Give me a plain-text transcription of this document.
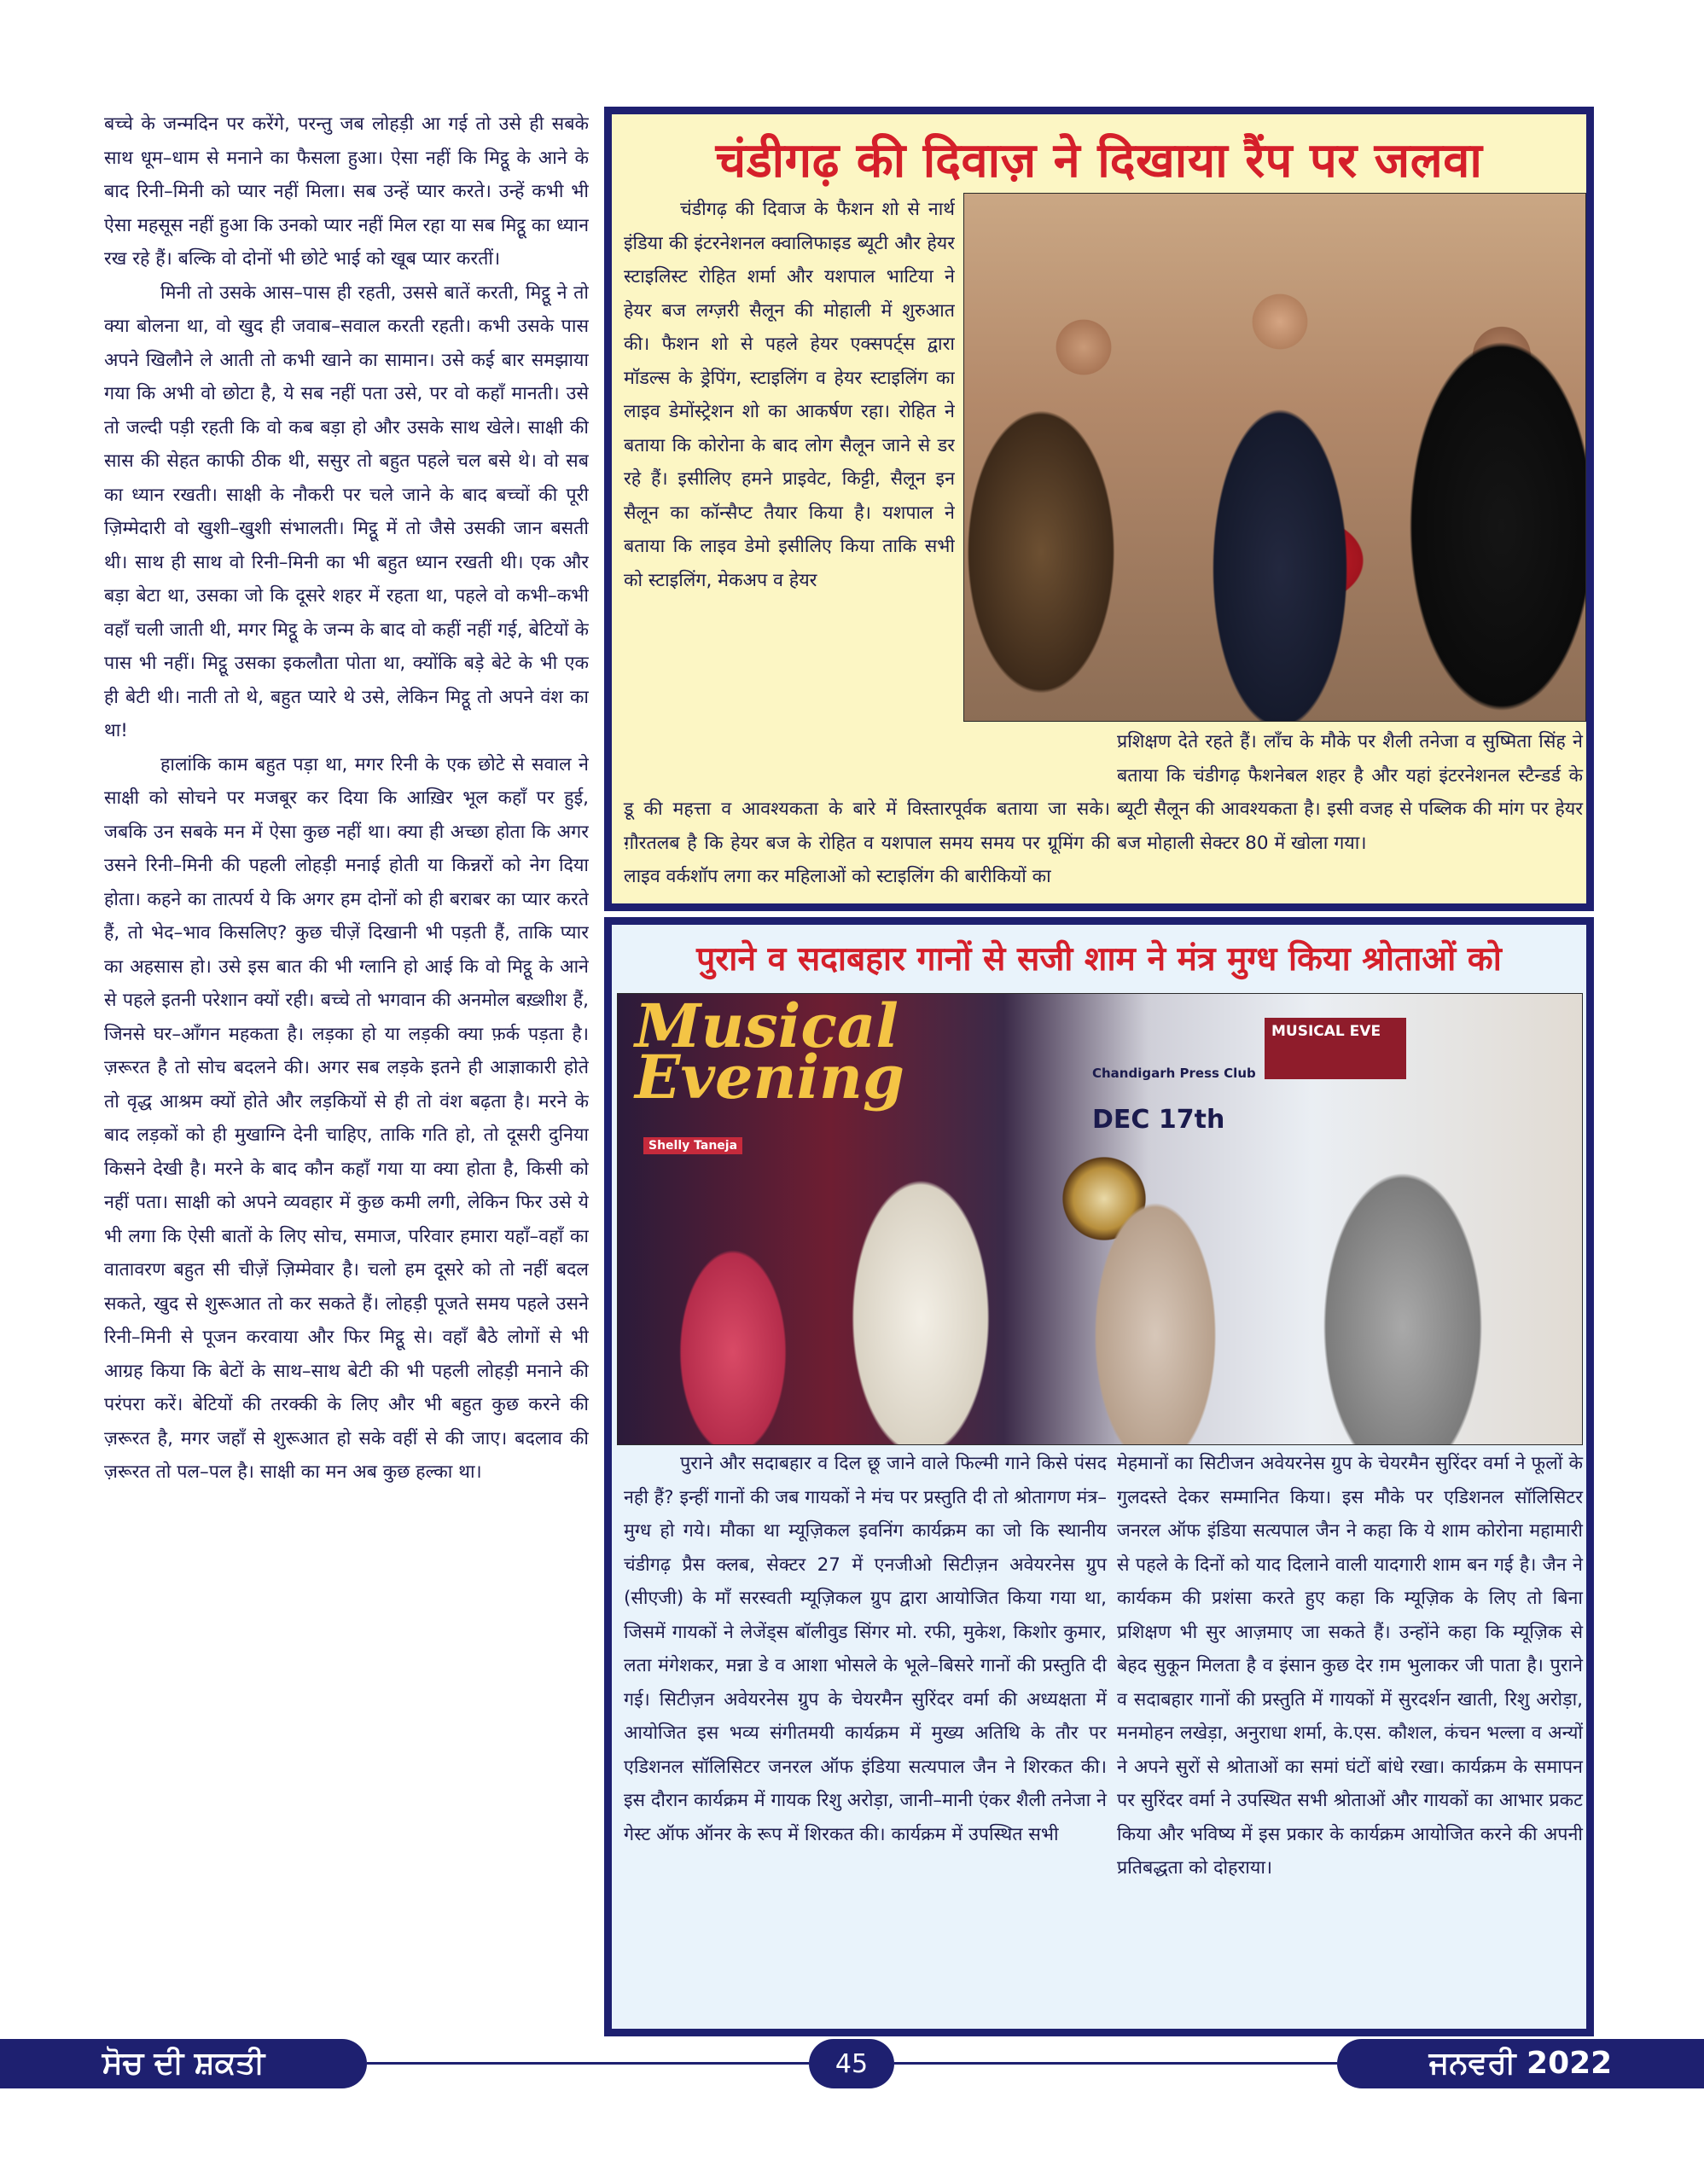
बच्चे के जन्मदिन पर करेंगे, परन्तु जब लोहड़ी आ गई तो उसे ही सबके साथ धूम–धाम से मनाने का फैसला हुआ। ऐसा नहीं कि मिट्ठू के आने के बाद रिनी–मिनी को प्यार नहीं मिला। सब उन्हें प्यार करते। उन्हें कभी भी ऐसा महसूस नहीं हुआ कि उनको प्यार नहीं मिल रहा या सब मिट्ठू का ध्यान रख रहे हैं। बल्कि वो दोनों भी छोटे भाई को खूब प्यार करतीं।

मिनी तो उसके आस–पास ही रहती, उससे बातें करती, मिट्ठू ने तो क्या बोलना था, वो खुद ही जवाब–सवाल करती रहती। कभी उसके पास अपने खिलौने ले आती तो कभी खाने का सामान। उसे कई बार समझाया गया कि अभी वो छोटा है, ये सब नहीं पता उसे, पर वो कहाँ मानती। उसे तो जल्दी पड़ी रहती कि वो कब बड़ा हो और उसके साथ खेले। साक्षी की सास की सेहत काफी ठीक थी, ससुर तो बहुत पहले चल बसे थे। वो सब का ध्यान रखती। साक्षी के नौकरी पर चले जाने के बाद बच्चों की पूरी ज़िम्मेदारी वो खुशी–खुशी संभालती। मिट्ठू में तो जैसे उसकी जान बसती थी। साथ ही साथ वो रिनी–मिनी का भी बहुत ध्यान रखती थी। एक और बड़ा बेटा था, उसका जो कि दूसरे शहर में रहता था, पहले वो कभी–कभी वहाँ चली जाती थी, मगर मिट्ठू के जन्म के बाद वो कहीं नहीं गई, बेटियों के पास भी नहीं। मिट्ठू उसका इकलौता पोता था, क्योंकि बड़े बेटे के भी एक ही बेटी थी। नाती तो थे, बहुत प्यारे थे उसे, लेकिन मिट्ठू तो अपने वंश का था!

हालांकि काम बहुत पड़ा था, मगर रिनी के एक छोटे से सवाल ने साक्षी को सोचने पर मजबूर कर दिया कि आख़िर भूल कहाँ पर हुई, जबकि उन सबके मन में ऐसा कुछ नहीं था। क्या ही अच्छा होता कि अगर उसने रिनी–मिनी की पहली लोहड़ी मनाई होती या किन्नरों को नेग दिया होता। कहने का तात्पर्य ये कि अगर हम दोनों को ही बराबर का प्यार करते हैं, तो भेद–भाव किसलिए? कुछ चीज़ें दिखानी भी पड़ती हैं, ताकि प्यार का अहसास हो। उसे इस बात की भी ग्लानि हो आई कि वो मिट्ठू के आने से पहले इतनी परेशान क्यों रही। बच्चे तो भगवान की अनमोल बख़्शीश हैं, जिनसे घर–आँगन महकता है। लड़का हो या लड़की क्या फ़र्क पड़ता है। ज़रूरत है तो सोच बदलने की। अगर सब लड़के इतने ही आज्ञाकारी होते तो वृद्ध आश्रम क्यों होते और लड़कियों से ही तो वंश बढ़ता है। मरने के बाद लड़कों को ही मुखाग्नि देनी चाहिए, ताकि गति हो, तो दूसरी दुनिया किसने देखी है। मरने के बाद कौन कहाँ गया या क्या होता है, किसी को नहीं पता। साक्षी को अपने व्यवहार में कुछ कमी लगी, लेकिन फिर उसे ये भी लगा कि ऐसी बातों के लिए सोच, समाज, परिवार हमारा यहाँ–वहाँ का वातावरण बहुत सी चीज़ें ज़िम्मेवार है। चलो हम दूसरे को तो नहीं बदल सकते, खुद से शुरूआत तो कर सकते हैं। लोहड़ी पूजते समय पहले उसने रिनी–मिनी से पूजन करवाया और फिर मिट्ठू से। वहाँ बैठे लोगों से भी आग्रह किया कि बेटों के साथ–साथ बेटी की भी पहली लोहड़ी मनाने की परंपरा करें। बेटियों की तरक्की के लिए और भी बहुत कुछ करने की ज़रूरत है, मगर जहाँ से शुरूआत हो सके वहीं से की जाए। बदलाव की ज़रूरत तो पल–पल है। साक्षी का मन अब कुछ हल्का था।

चंडीगढ़ की दिवाज़ ने दिखाया रैंप पर जलवा

चंडीगढ़ की दिवाज के फैशन शो से नार्थ इंडिया की इंटरनेशनल क्वालिफाइड ब्यूटी और हेयर स्टाइलिस्ट रोहित शर्मा और यशपाल भाटिया ने हेयर बज लग्ज़री सैलून की मोहाली में शुरुआत की। फैशन शो से पहले हेयर एक्सपर्ट्स द्वारा मॉडल्स के ड्रेपिंग, स्टाइलिंग व हेयर स्टाइलिंग का लाइव डेमोंस्ट्रेशन शो का आकर्षण रहा। रोहित ने बताया कि कोरोना के बाद लोग सैलून जाने से डर रहे हैं। इसीलिए हमने प्राइवेट, किट्टी, सैलून इन सैलून का कॉन्सैप्ट तैयार किया है। यशपाल ने बताया कि लाइव डेमो इसीलिए किया ताकि सभी को स्टाइलिंग, मेकअप व हेयर

डू की महत्ता व आवश्यकता के बारे में विस्तारपूर्वक बताया जा सके। ग़ौरतलब है कि हेयर बज के रोहित व यशपाल समय समय पर ग्रूमिंग की लाइव वर्कशॉप लगा कर महिलाओं को स्टाइलिंग की बारीकियों का

प्रशिक्षण देते रहते हैं। लाँच के मौके पर शैली तनेजा व सुष्मिता सिंह ने बताया कि चंडीगढ़ फैशनेबल शहर है और यहां इंटरनेशनल स्टैन्डर्ड के ब्यूटी सैलून की आवश्यकता है। इसी वजह से पब्लिक की मांग पर हेयर बज मोहाली सेक्टर 80 में खोला गया।

पुराने व सदाबहार गानों से सजी शाम ने मंत्र मुग्ध किया श्रोताओं को
Musical Evening
MUSICAL EVE
Shelly Taneja
Chandigarh Press Club
DEC 17th

पुराने और सदाबहार व दिल छू जाने वाले फिल्मी गाने किसे पंसद नही हैं? इन्हीं गानों की जब गायकों ने मंच पर प्रस्तुति दी तो श्रोतागण मंत्र–मुग्ध हो गये। मौका था म्यूज़िकल इवनिंग कार्यक्रम का जो कि स्थानीय चंडीगढ़ प्रैस क्लब, सेक्टर 27 में एनजीओ सिटीज़न अवेयरनेस ग्रुप (सीएजी) के माँ सरस्वती म्यूज़िकल ग्रुप द्वारा आयोजित किया गया था, जिसमें गायकों ने लेजेंड्स बॉलीवुड सिंगर मो. रफी, मुकेश, किशोर कुमार, लता मंगेशकर, मन्ना डे व आशा भोसले के भूले–बिसरे गानों की प्रस्तुति दी गई। सिटीज़न अवेयरनेस ग्रुप के चेयरमैन सुरिंदर वर्मा की अध्यक्षता में आयोजित इस भव्य संगीतमयी कार्यक्रम में मुख्य अतिथि के तौर पर एडिशनल सॉलिसिटर जनरल ऑफ इंडिया सत्यपाल जैन ने शिरकत की। इस दौरान कार्यक्रम में गायक रिशु अरोड़ा, जानी–मानी एंकर शैली तनेजा ने गेस्ट ऑफ ऑनर के रूप में शिरकत की। कार्यक्रम में उपस्थित सभी

मेहमानों का सिटीजन अवेयरनेस ग्रुप के चेयरमैन सुरिंदर वर्मा ने फूलों के गुलदस्ते देकर सम्मानित किया। इस मौके पर एडिशनल सॉलिसिटर जनरल ऑफ इंडिया सत्यपाल जैन ने कहा कि ये शाम कोरोना महामारी से पहले के दिनों को याद दिलाने वाली यादगारी शाम बन गई है। जैन ने कार्यकम की प्रशंसा करते हुए कहा कि म्यूज़िक के लिए तो बिना प्रशिक्षण भी सुर आज़माए जा सकते हैं। उन्होंने कहा कि म्यूज़िक से बेहद सुकून मिलता है व इंसान कुछ देर ग़म भुलाकर जी पाता है। पुराने व सदाबहार गानों की प्रस्तुति में गायकों में सुरदर्शन खाती, रिशु अरोड़ा, मनमोहन लखेड़ा, अनुराधा शर्मा, के.एस. कौशल, कंचन भल्ला व अन्यों ने अपने सुरों से श्रोताओं का समां घंटों बांधे रखा। कार्यक्रम के समापन पर सुरिंदर वर्मा ने उपस्थित सभी श्रोताओं और गायकों का आभार प्रकट किया और भविष्य में इस प्रकार के कार्यक्रम आयोजित करने की अपनी प्रतिबद्धता को दोहराया।

ਸੋਚ ਦੀ ਸ਼ਕਤੀ	45	ਜਨਵਰੀ 2022
